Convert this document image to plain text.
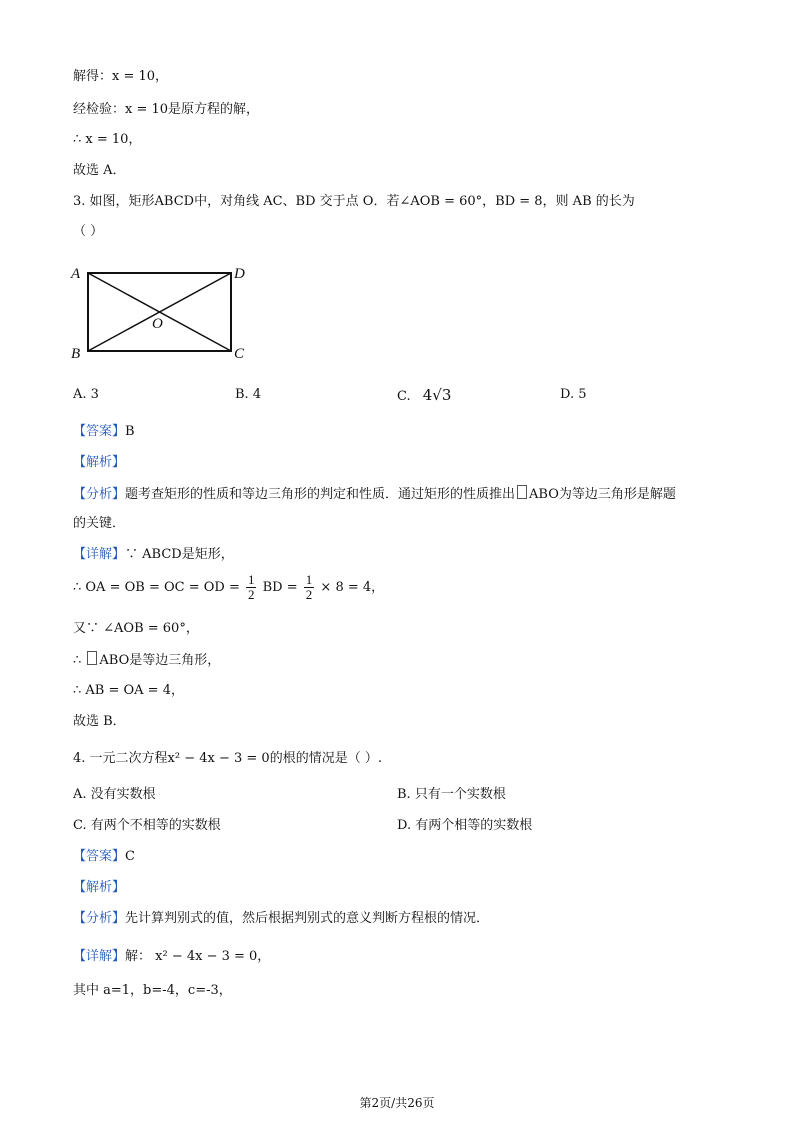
解得：x = 10，
经检验：x = 10是原方程的解，
∴ x = 10，
故选 A．
3. 如图，矩形ABCD中，对角线 AC、BD 交于点 O．若∠AOB = 60°，BD = 8，则 AB 的长为
（ ）
A	D
O
B	C
A. 3	B. 4	C. 4√3	D. 5
【答案】B
【解析】
【分析】题考查矩形的性质和等边三角形的判定和性质．通过矩形的性质推出 ABO为等边三角形是解题
的关键．
【详解】∵ ABCD是矩形，
∴ OA = OB = OC = OD = $\frac{1}{2}$ BD = $\frac{1}{2} \times 8 = 4$，
又∵ ∠AOB = 60°，
∴ ABO是等边三角形，
∴ AB = OA = 4，
故选 B．
4. 一元二次方程x² − 4x − 3 = 0的根的情况是（ ）.
A. 没有实数根	B. 只有一个实数根
C. 有两个不相等的实数根	D. 有两个相等的实数根
【答案】C
【解析】
【分析】先计算判别式的值，然后根据判别式的意义判断方程根的情况．
【详解】解： x² − 4x − 3 = 0，
其中 a=1，b=-4，c=-3，
第2页/共26页
